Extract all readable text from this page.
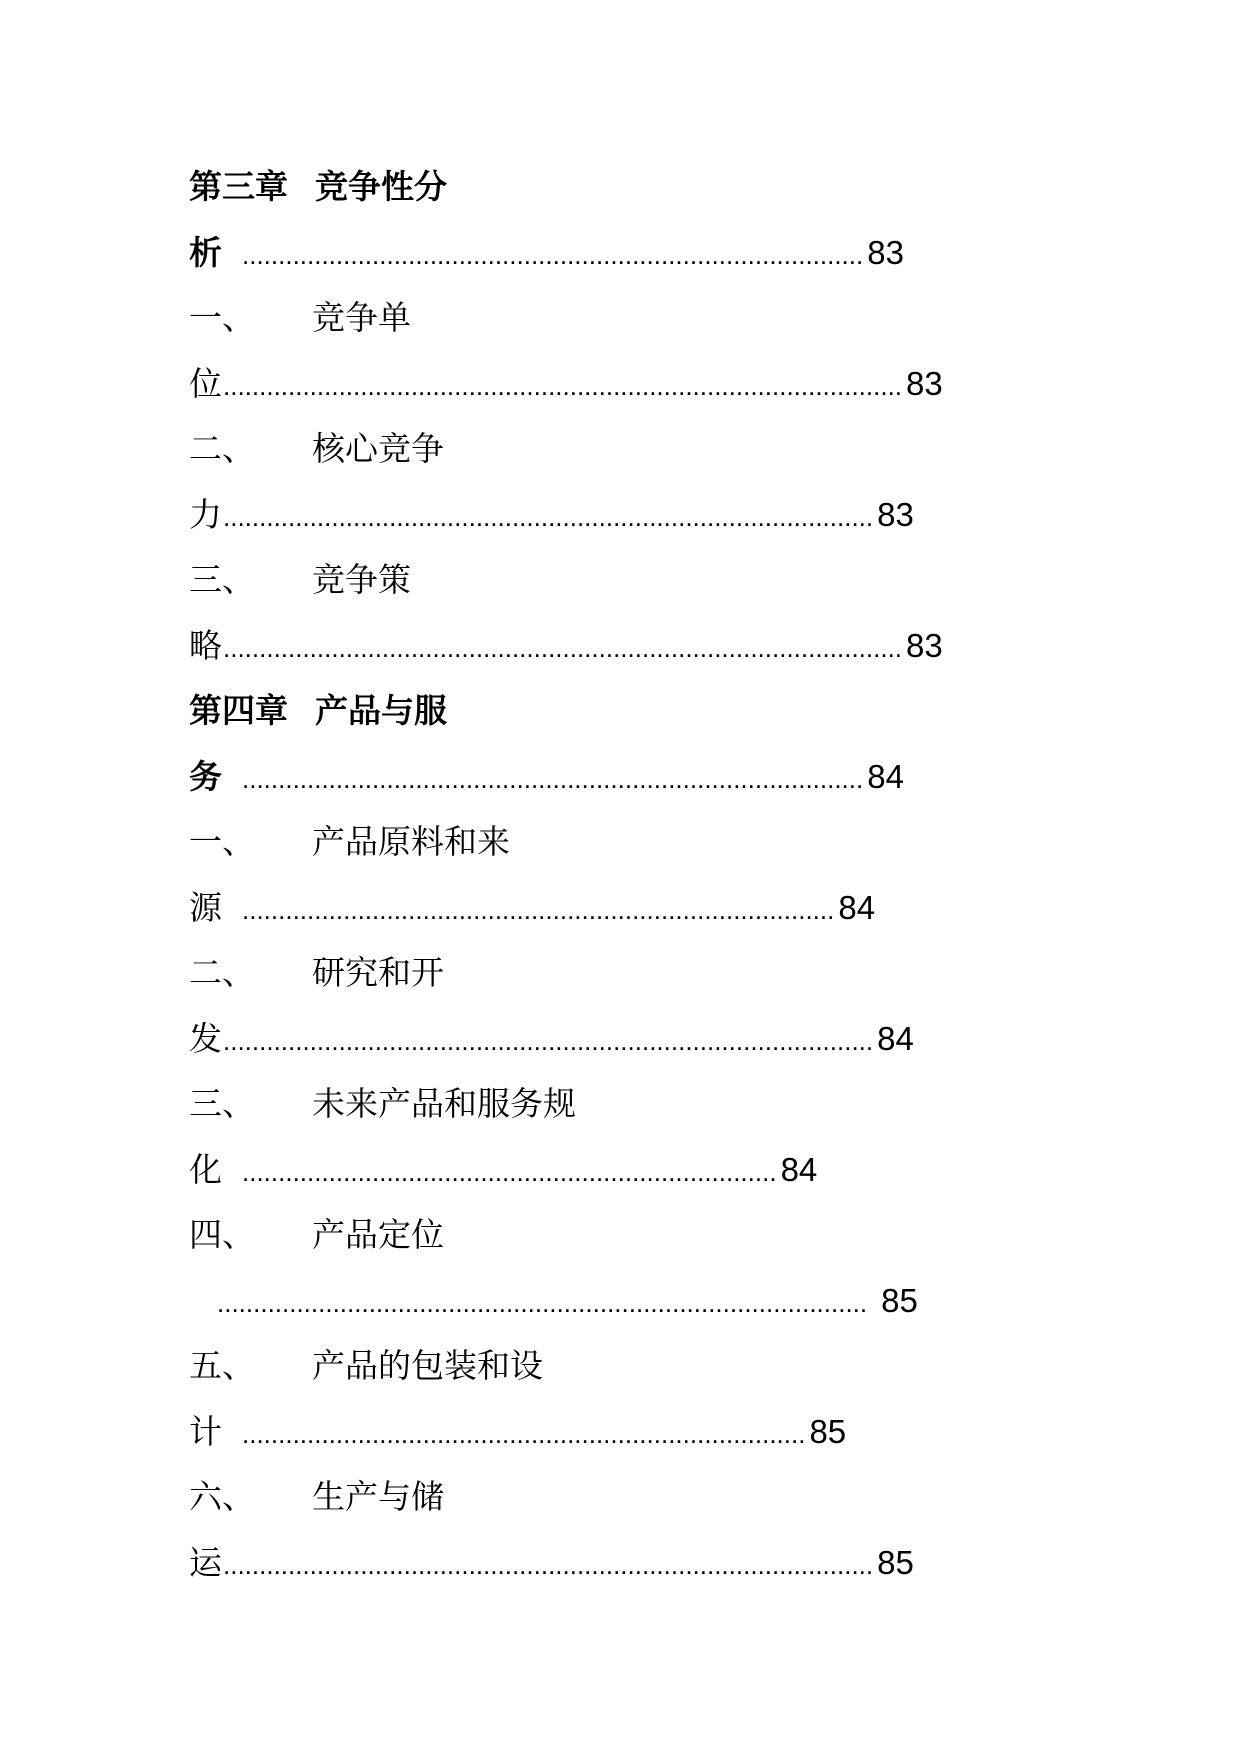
第三章 竞争性分
析 ...................................................................................... 83
一、 竞争单
位 .............................................................................................. 83
二、 核心竞争
力 .......................................................................................... 83
三、 竞争策
略 .............................................................................................. 83
第四章 产品与服
务 ...................................................................................... 84
一、 产品原料和来
源 .................................................................................. 84
二、 研究和开
发 .......................................................................................... 84
三、 未来产品和服务规
化 .......................................................................... 84
四、 产品定位
.......................................................................................... 85
五、 产品的包装和设
计 .............................................................................. 85
六、 生产与储
运 .......................................................................................... 85
